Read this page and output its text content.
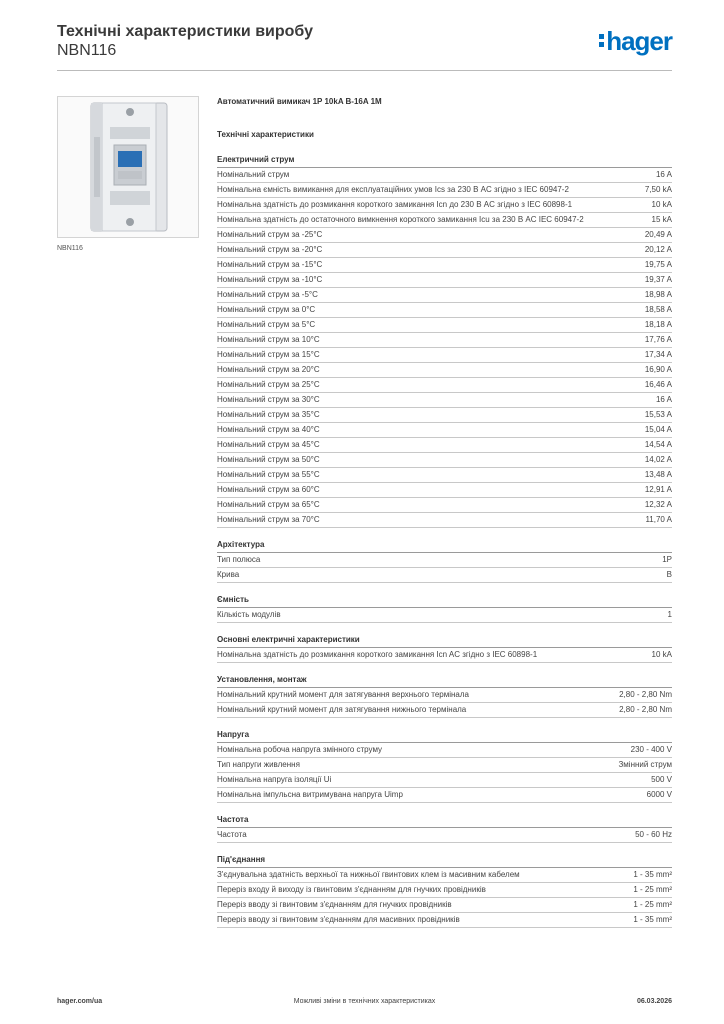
Технічні характеристики виробу
NBN116	hager
NBN116
Автоматичний вимикач 1P 10kA B-16A 1M
Технічні характеристики
Електричний струм
Номінальний струм	16 A
Номінальна ємність вимикання для експлуатаційних умов Ics за 230 В AC згідно з IEC 60947-2	7,50 kA
Номінальна здатність до розмикання короткого замикання Icn до 230 В AC згідно з IEC 60898-1	10 kA
Номінальна здатність до остаточного вимкнення короткого замикання Icu за 230 В AC IEC 60947-2	15 kA
Номінальний струм за -25°C	20,49 A
Номінальний струм за -20°C	20,12 A
Номінальний струм за -15°C	19,75 A
Номінальний струм за -10°C	19,37 A
Номінальний струм за -5°C	18,98 A
Номінальний струм за 0°C	18,58 A
Номінальний струм за 5°C	18,18 A
Номінальний струм за 10°C	17,76 A
Номінальний струм за 15°C	17,34 A
Номінальний струм за 20°C	16,90 A
Номінальний струм за 25°C	16,46 A
Номінальний струм за 30°C	16 A
Номінальний струм за 35°C	15,53 A
Номінальний струм за 40°C	15,04 A
Номінальний струм за 45°C	14,54 A
Номінальний струм за 50°C	14,02 A
Номінальний струм за 55°C	13,48 A
Номінальний струм за 60°C	12,91 A
Номінальний струм за 65°C	12,32 A
Номінальний струм за 70°C	11,70 A
Архітектура
Тип полюса	1P
Крива	B
Ємність
Кількість модулів	1
Основні електричні характеристики
Номінальна здатність до розмикання короткого замикання Icn AC згідно з IEC 60898-1	10 kA
Установлення, монтаж
Номінальний крутний момент для затягування верхнього термінала	2,80 - 2,80 Nm
Номінальний крутний момент для затягування нижнього термінала	2,80 - 2,80 Nm
Напруга
Номінальна робоча напруга змінного струму	230 - 400 V
Тип напруги живлення	Змінний струм
Номінальна напруга ізоляції Ui	500 V
Номінальна імпульсна витримувана напруга Uimp	6000 V
Частота
Частота	50 - 60 Hz
Під'єднання
З'єднувальна здатність верхньої та нижньої гвинтових клем із масивним кабелем	1 - 35 mm²
Переріз входу й виходу із гвинтовим з'єднанням для гнучких провідників	1 - 25 mm²
Переріз вводу зі гвинтовим з'єднанням для гнучких провідників	1 - 25 mm²
Переріз вводу зі гвинтовим з'єднанням для масивних провідників	1 - 35 mm²
hager.com/ua	Можливі зміни в технічних характеристиках	06.03.2026
